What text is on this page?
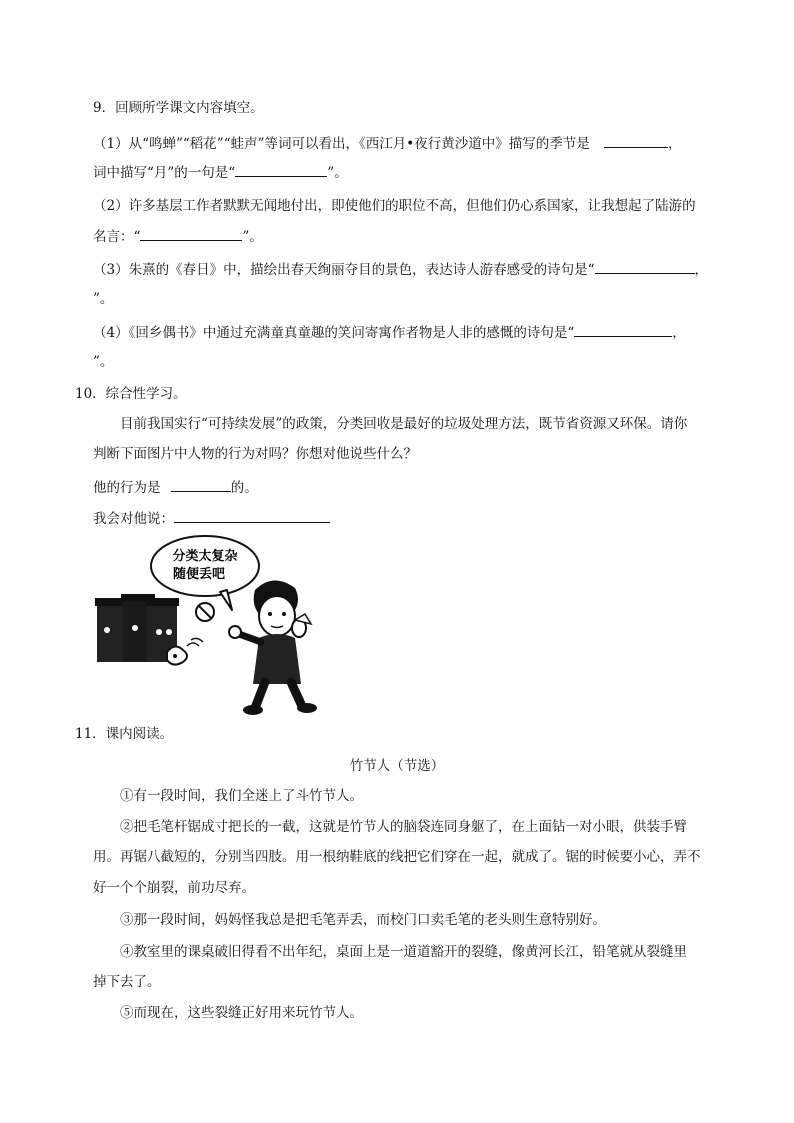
9．回顾所学课文内容填空。
（1）从“鸣蝉”“稻花”“蛙声”等词可以看出，《西江月•夜行黄沙道中》描写的季节是	，
词中描写“月”的一句是“	”。
（2）许多基层工作者默默无闻地付出，即使他们的职位不高，但他们仍心系国家，让我想起了陆游的
名言：“	”。
（3）朱熹的《春日》中，描绘出春天绚丽夺目的景色，表达诗人游春感受的诗句是“	，
”。
（4）《回乡偶书》中通过充满童真童趣的笑问寄寓作者物是人非的感慨的诗句是“	，
”。
10．综合性学习。
目前我国实行“可持续发展”的政策，分类回收是最好的垃圾处理方法，既节省资源又环保。请你
判断下面图片中人物的行为对吗？你想对他说些什么？
他的行为是	的。
我会对他说：
分类太复杂
随便丢吧
11．课内阅读。
竹节人（节选）
①有一段时间，我们全迷上了斗竹节人。
②把毛笔杆锯成寸把长的一截，这就是竹节人的脑袋连同身躯了，在上面钻一对小眼，供装手臂
用。再锯八截短的，分别当四肢。用一根纳鞋底的线把它们穿在一起，就成了。锯的时候要小心，弄不
好一个个崩裂，前功尽弃。
③那一段时间，妈妈怪我总是把毛笔弄丢，而校门口卖毛笔的老头则生意特别好。
④教室里的课桌破旧得看不出年纪，桌面上是一道道豁开的裂缝，像黄河长江，铅笔就从裂缝里
掉下去了。
⑤而现在，这些裂缝正好用来玩竹节人。
